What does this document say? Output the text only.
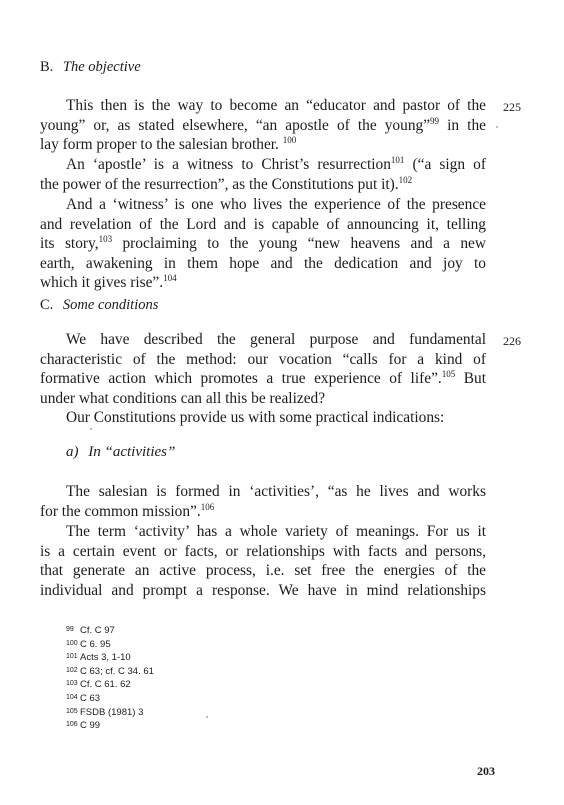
B. The objective
225
This then is the way to become an “educator and pastor of the
young” or, as stated elsewhere, “an apostle of the young”$^{99}$ in the
lay form proper to the salesian brother. $^{100}$
An ‘apostle’ is a witness to Christ’s resurrection$^{101}$ (“a sign of
the power of the resurrection”, as the Constitutions put it).$^{102}$
And a ‘witness’ is one who lives the experience of the presence
and revelation of the Lord and is capable of announcing it, telling
its story,$^{103}$ proclaiming to the young “new heavens and a new
earth, awakening in them hope and the dedication and joy to
which it gives rise”.$^{104}$
C. Some conditions
226
We have described the general purpose and fundamental
characteristic of the method: our vocation “calls for a kind of
formative action which promotes a true experience of life”.$^{105}$ But
under what conditions can all this be realized?
Our Constitutions provide us with some practical indications:
a) In “activities”
The salesian is formed in ‘activities’, “as he lives and works
for the common mission”.$^{106}$
The term ‘activity’ has a whole variety of meanings. For us it
is a certain event or facts, or relationships with facts and persons,
that generate an active process, i.e. set free the energies of the
individual and prompt a response. We have in mind relationships
99 Cf. C 97
100 C 6. 95
101 Acts 3, 1-10
102 C 63; cf. C 34. 61
103 Cf. C 61. 62
104 C 63
105 FSDB (1981) 3
106 C 99
203
